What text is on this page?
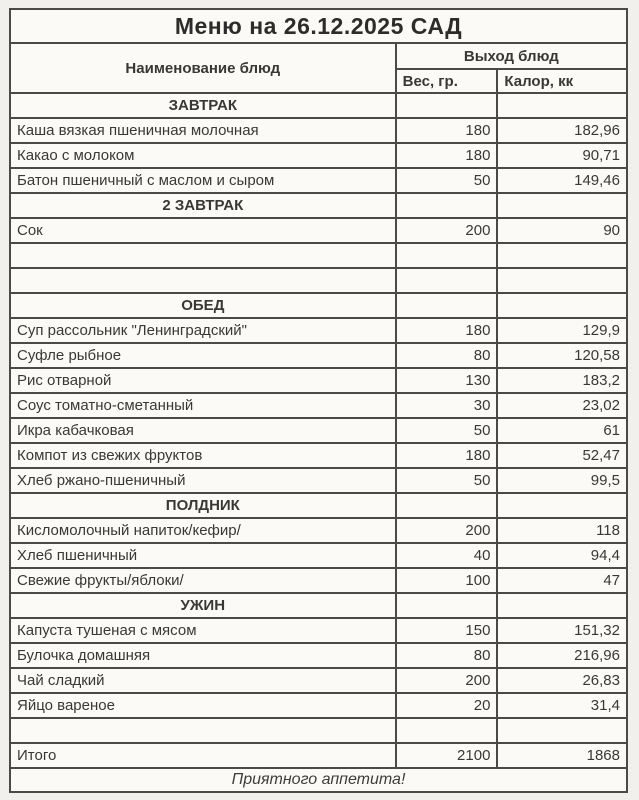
Меню на 26.12.2025 САД		
Наименование блюд	Выход блюд	
	Вес, гр.	Калор, кк
ЗАВТРАК		
Каша вязкая пшеничная молочная	180	182,96
Какао с молоком	180	90,71
Батон пшеничный с маслом и сыром	50	149,46
2 ЗАВТРАК		
Сок	200	90

ОБЕД		
Суп рассольник "Ленинградский"	180	129,9
Суфле рыбное	80	120,58
Рис отварной	130	183,2
Соус томатно-сметанный	30	23,02
Икра кабачковая	50	61
Компот из свежих фруктов	180	52,47
Хлеб ржано-пшеничный	50	99,5
ПОЛДНИК		
Кисломолочный напиток/кефир/	200	118
Хлеб пшеничный	40	94,4
Свежие фрукты/яблоки/	100	47
УЖИН		
Капуста тушеная с мясом	150	151,32
Булочка домашняя	80	216,96
Чай сладкий	200	26,83
Яйцо вареное	20	31,4

Итого	2100	1868
Приятного аппетита!		
